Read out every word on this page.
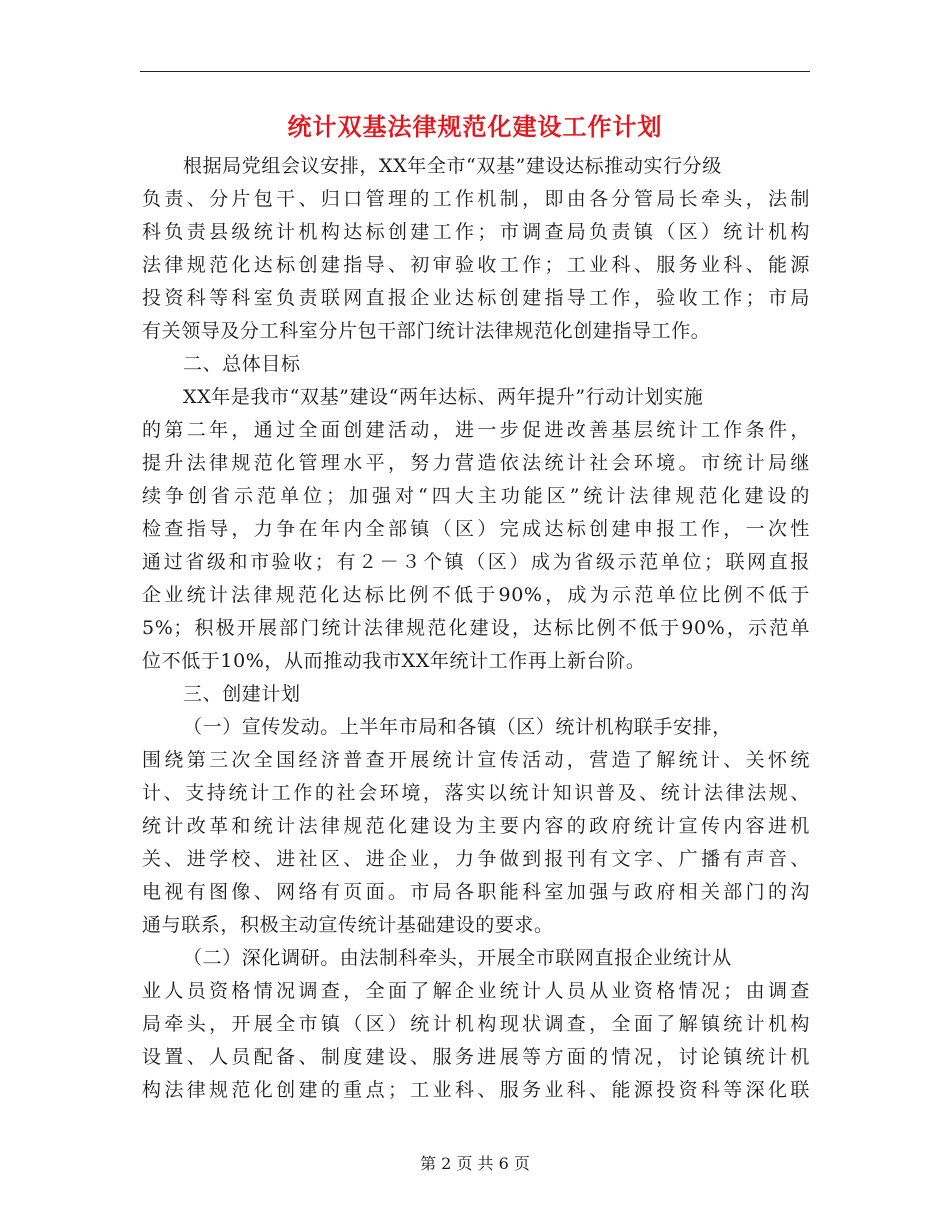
统计双基法律规范化建设工作计划
根据局党组会议安排，XX年全市“双基”建设达标推动实行分级
负责、分片包干、归口管理的工作机制，即由各分管局长牵头，法制
科负责县级统计机构达标创建工作；市调查局负责镇（区）统计机构
法律规范化达标创建指导、初审验收工作；工业科、服务业科、能源
投资科等科室负责联网直报企业达标创建指导工作，验收工作；市局
有关领导及分工科室分片包干部门统计法律规范化创建指导工作。
二、总体目标
XX年是我市“双基”建设“两年达标、两年提升”行动计划实施
的第二年，通过全面创建活动，进一步促进改善基层统计工作条件，
提升法律规范化管理水平，努力营造依法统计社会环境。市统计局继
续争创省示范单位；加强对“四大主功能区”统计法律规范化建设的
检查指导，力争在年内全部镇（区）完成达标创建申报工作，一次性
通过省级和市验收；有２－３个镇（区）成为省级示范单位；联网直报
企业统计法律规范化达标比例不低于90%，成为示范单位比例不低于
5%；积极开展部门统计法律规范化建设，达标比例不低于90%，示范单
位不低于10%，从而推动我市XX年统计工作再上新台阶。
三、创建计划
（一）宣传发动。上半年市局和各镇（区）统计机构联手安排，
围绕第三次全国经济普查开展统计宣传活动，营造了解统计、关怀统
计、支持统计工作的社会环境，落实以统计知识普及、统计法律法规、
统计改革和统计法律规范化建设为主要内容的政府统计宣传内容进机
关、进学校、进社区、进企业，力争做到报刊有文字、广播有声音、
电视有图像、网络有页面。市局各职能科室加强与政府相关部门的沟
通与联系，积极主动宣传统计基础建设的要求。
（二）深化调研。由法制科牵头，开展全市联网直报企业统计从
业人员资格情况调查，全面了解企业统计人员从业资格情况；由调查
局牵头，开展全市镇（区）统计机构现状调查，全面了解镇统计机构
设置、人员配备、制度建设、服务进展等方面的情况，讨论镇统计机
构法律规范化创建的重点；工业科、服务业科、能源投资科等深化联
第 2 页 共 6 页
